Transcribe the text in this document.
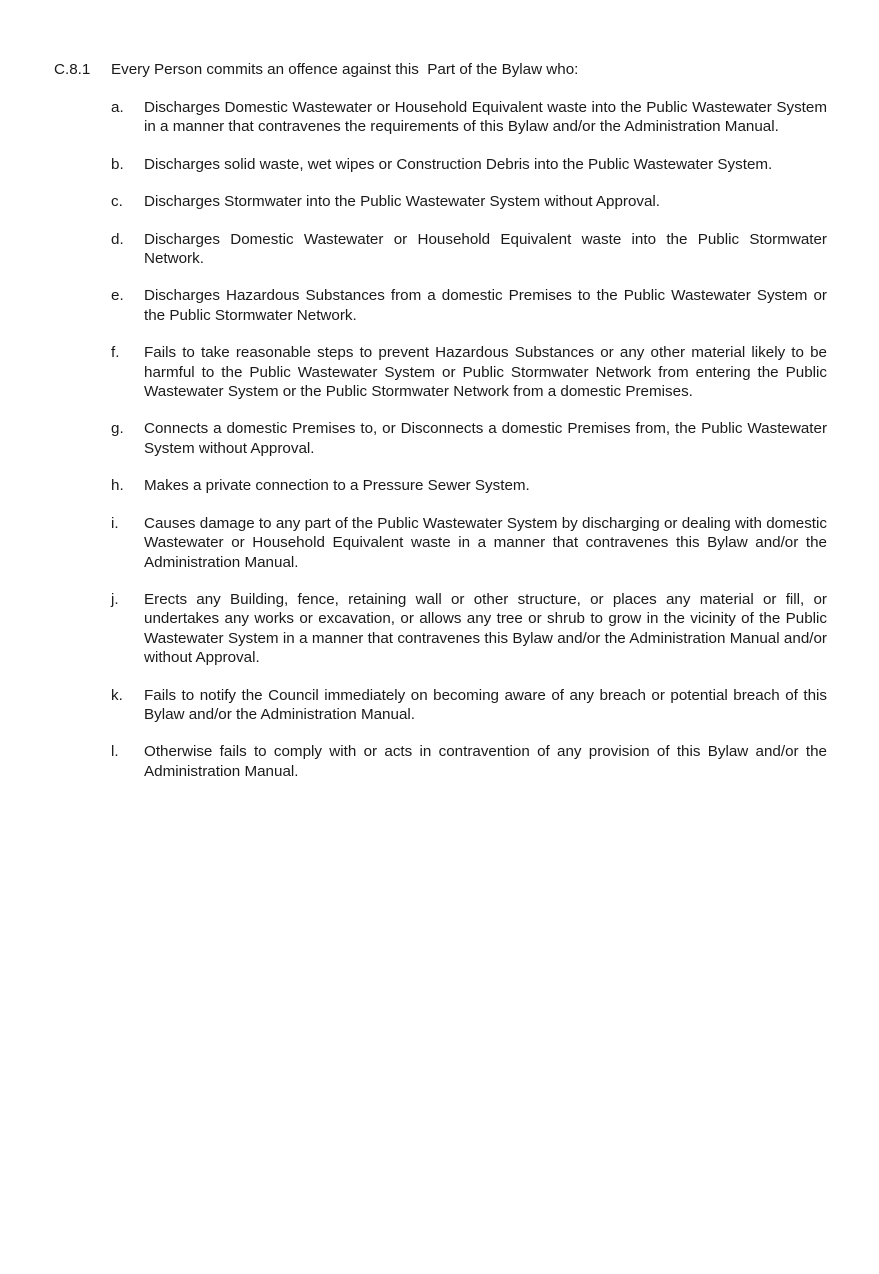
C.8.1 Every Person commits an offence against this  Part of the Bylaw who:
a.	Discharges Domestic Wastewater or Household Equivalent waste into the Public Wastewater System in a manner that contravenes the requirements of this Bylaw and/or the Administration Manual.
b.	Discharges solid waste, wet wipes or Construction Debris into the Public Wastewater System.
c.	Discharges Stormwater into the Public Wastewater System without Approval.
d.	Discharges Domestic Wastewater or Household Equivalent waste into the Public Stormwater Network.
e.	Discharges Hazardous Substances from a domestic Premises to the Public Wastewater System or the Public Stormwater Network.
f.	Fails to take reasonable steps to prevent Hazardous Substances or any other material likely to be harmful to the Public Wastewater System or Public Stormwater Network from entering the Public Wastewater System or the Public Stormwater Network from a domestic Premises.
g.	Connects a domestic Premises to, or Disconnects a domestic Premises from, the Public Wastewater System without Approval.
h.	Makes a private connection to a Pressure Sewer System.
i.	Causes damage to any part of the Public Wastewater System by discharging or dealing with domestic Wastewater or Household Equivalent waste in a manner that contravenes this Bylaw and/or the Administration Manual.
j.	Erects any Building, fence, retaining wall or other structure, or places any material or fill, or undertakes any works or excavation, or allows any tree or shrub to grow in the vicinity of the Public Wastewater System in a manner that contravenes this Bylaw and/or the Administration Manual and/or without Approval.
k.	Fails to notify the Council immediately on becoming aware of any breach or potential breach of this Bylaw and/or the Administration Manual.
l.	Otherwise fails to comply with or acts in contravention of any provision of this Bylaw and/or the Administration Manual.
